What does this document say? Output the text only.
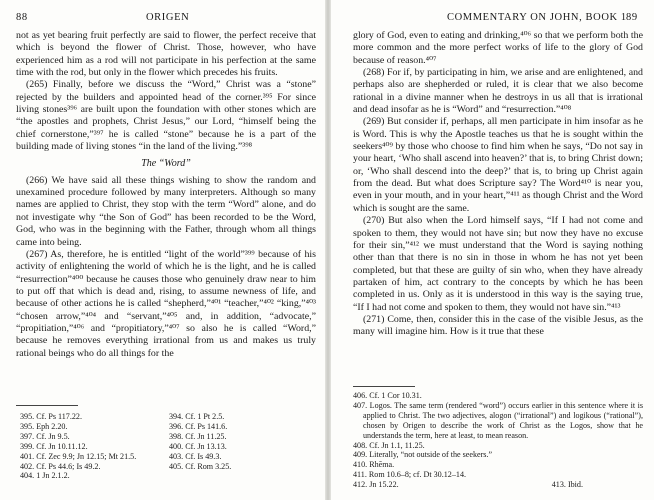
88	ORIGEN

not as yet bearing fruit perfectly are said to flower, the perfect receive that which is beyond the flower of Christ. Those, however, who have experienced him as a rod will not participate in his perfection at the same time with the rod, but only in the flower which precedes his fruits.

(265) Finally, before we discuss the “Word,” Christ was a “stone” rejected by the builders and appointed head of the corner.³⁹⁵ For since living stones³⁹⁶ are built upon the foundation with other stones which are “the apostles and prophets, Christ Jesus,” our Lord, “himself being the chief cornerstone,”³⁹⁷ he is called “stone” because he is a part of the building made of living stones “in the land of the living.”³⁹⁸

The “Word”

(266) We have said all these things wishing to show the random and unexamined procedure followed by many interpreters. Although so many names are applied to Christ, they stop with the term “Word” alone, and do not investigate why “the Son of God” has been recorded to be the Word, God, who was in the beginning with the Father, through whom all things came into being.

(267) As, therefore, he is entitled “light of the world”³⁹⁹ because of his activity of enlightening the world of which he is the light, and he is called “resurrection”⁴⁰⁰ because he causes those who genuinely draw near to him to put off that which is dead and, rising, to assume newness of life, and because of other actions he is called “shepherd,”⁴⁰¹ “teacher,”⁴⁰² “king,”⁴⁰³ “chosen arrow,”⁴⁰⁴ and “servant,”⁴⁰⁵ and, in addition, “advocate,” “propitiation,”⁴⁰⁶ and “propitiatory,”⁴⁰⁷ so also he is called “Word,” because he removes everything irrational from us and makes us truly rational beings who do all things for the

395. Cf. Ps 117.22.
395. Eph 2.20.
397. Cf. Jn 9.5.
399. Cf. Jn 10.11.12.
401. Cf. Zec 9.9; Jn 12.15; Mt 21.5.
402. Cf. Ps 44.6; Is 49.2.
404. 1 Jn 2.1.2.
394. Cf. 1 Pt 2.5.
396. Cf. Ps 141.6.
398. Cf. Jn 11.25.
400. Cf. Jn 13.13.
403. Cf. Is 49.3.
405. Cf. Rom 3.25.
COMMENTARY ON JOHN, BOOK 1 89

glory of God, even to eating and drinking,⁴⁰⁶ so that we perform both the more common and the more perfect works of life to the glory of God because of reason.⁴⁰⁷

(268) For if, by participating in him, we arise and are enlightened, and perhaps also are shepherded or ruled, it is clear that we also become rational in a divine manner when he destroys in us all that is irrational and dead insofar as he is “Word” and “resurrection.”⁴⁰⁸

(269) But consider if, perhaps, all men participate in him insofar as he is Word. This is why the Apostle teaches us that he is sought within the seekers⁴⁰⁹ by those who choose to find him when he says, “Do not say in your heart, ‘Who shall ascend into heaven?’ that is, to bring Christ down; or, ‘Who shall descend into the deep?’ that is, to bring up Christ again from the dead. But what does Scripture say? The Word⁴¹⁰ is near you, even in your mouth, and in your heart,”⁴¹¹ as though Christ and the Word which is sought are the same.

(270) But also when the Lord himself says, “If I had not come and spoken to them, they would not have sin; but now they have no excuse for their sin,”⁴¹² we must understand that the Word is saying nothing other than that there is no sin in those in whom he has not yet been completed, but that these are guilty of sin who, when they have already partaken of him, act contrary to the concepts by which he has been completed in us. Only as it is understood in this way is the saying true, “If I had not come and spoken to them, they would not have sin.”⁴¹³

(271) Come, then, consider this in the case of the visible Jesus, as the many will imagine him. How is it true that these

406. Cf. 1 Cor 10.31.
407. Logos. The same term (rendered “word”) occurs earlier in this sentence where it is applied to Christ. The two adjectives, alogon (“irrational”) and logikous (“rational”), chosen by Origen to describe the work of Christ as the Logos, show that he understands the term, here at least, to mean reason.
408. Cf. Jn 1.1, 11.25.
409. Literally, “not outside of the seekers.”
410. Rhēma.
411. Rom 10.6–8; cf. Dt 30.12–14.
412. Jn 15.22.	413. Ibid.
